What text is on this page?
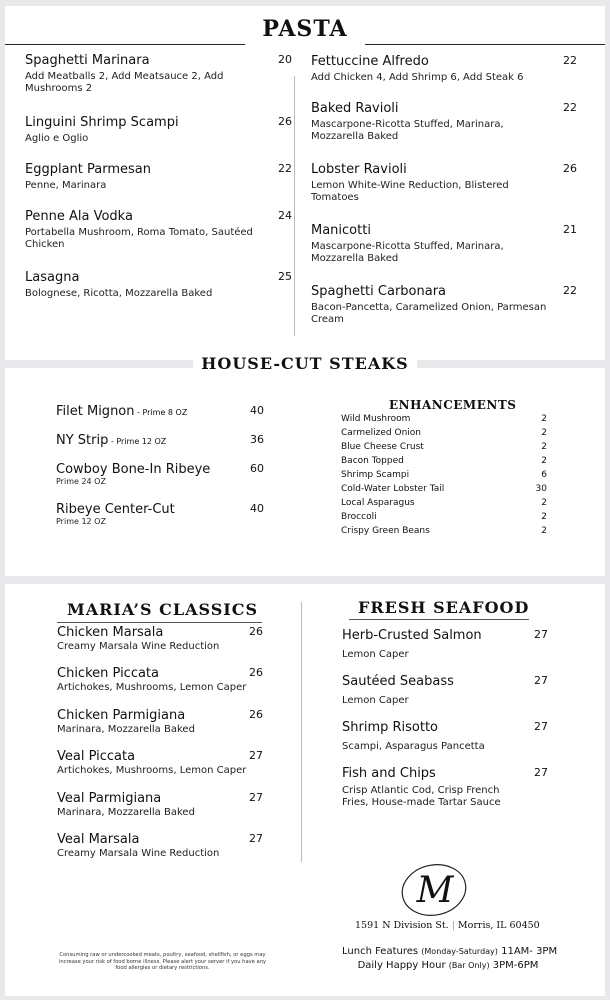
PASTA
Spaghetti Marinara
Add Meatballs 2, Add Meatsauce 2, Add Mushrooms 2
20
Linguini Shrimp Scampi
Aglio e Oglio
26
Eggplant Parmesan
Penne, Marinara
22
Penne Ala Vodka
Portabella Mushroom, Roma Tomato, Sautéed Chicken
24
Lasagna
Bolognese, Ricotta, Mozzarella Baked
25
Fettuccine Alfredo
Add Chicken 4, Add Shrimp 6, Add Steak 6
22
Baked Ravioli
Mascarpone-Ricotta Stuffed, Marinara, Mozzarella Baked
22
Lobster Ravioli
Lemon White-Wine Reduction, Blistered Tomatoes
26
Manicotti
Mascarpone-Ricotta Stuffed, Marinara, Mozzarella Baked
21
Spaghetti Carbonara
Bacon-Pancetta, Caramelized Onion, Parmesan Cream
22
HOUSE-CUT STEAKS
Filet Mignon - Prime 8 OZ	40
NY Strip - Prime 12 OZ	36
Cowboy Bone-In Ribeye
Prime 24 OZ
60
Ribeye Center-Cut
Prime 12 OZ
40
ENHANCEMENTS
Wild Mushroom	2
Carmelized Onion	2
Blue Cheese Crust	2
Bacon Topped	2
Shrimp Scampi	6
Cold-Water Lobster Tail	30
Local Asparagus	2
Broccoli	2
Crispy Green Beans	2
MARIA’S CLASSICS	FRESH SEAFOOD
Chicken Marsala
Creamy Marsala Wine Reduction
26
Chicken Piccata
Artichokes, Mushrooms, Lemon Caper
26
Chicken Parmigiana
Marinara, Mozzarella Baked
26
Veal Piccata
Artichokes, Mushrooms, Lemon Caper
27
Veal Parmigiana
Marinara, Mozzarella Baked
27
Veal Marsala
Creamy Marsala Wine Reduction
27
Herb-Crusted Salmon
Lemon Caper
27
Sautéed Seabass
Lemon Caper
27
Shrimp Risotto
Scampi, Asparagus Pancetta
27
Fish and Chips
Crisp Atlantic Cod, Crisp French Fries, House-made Tartar Sauce
27
M
1591 N Division St. | Morris, IL 60450
Lunch Features (Monday-Saturday) 11AM- 3PM
Daily Happy Hour (Bar Only) 3PM-6PM
Consuming raw or undercooked meats, poultry, seafood, shellfish, or eggs may increase your risk of food borne illness. Please alert your server if you have any food allergies or dietary restrictions.
